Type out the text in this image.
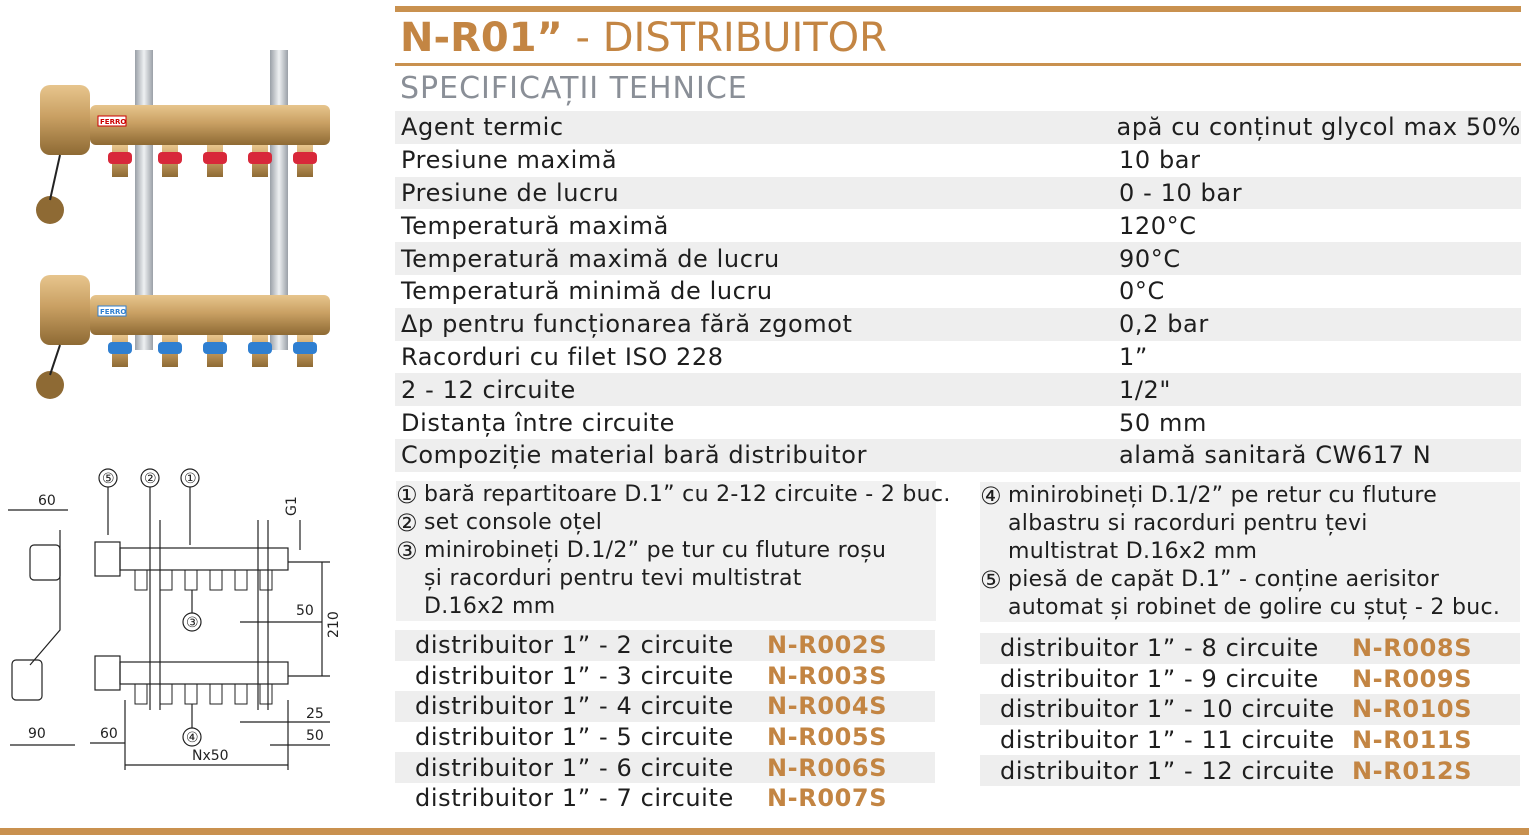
N-R01” - DISTRIBUITOR
SPECIFICAȚII TEHNICE
FERRO
FERRO
⑤ ② ①
60
90
③
④
G1
210
50
25
50
60
Nx50
Agent termic	apă cu conținut glycol max 50%
Presiune maximă	10 bar
Presiune de lucru	0 - 10 bar
Temperatură maximă	120°C
Temperatură maximă de lucru	90°C
Temperatură minimă de lucru	0°C
Δp pentru funcționarea fără zgomot	0,2 bar
Racorduri cu filet ISO 228	1”
2 - 12 circuite	1/2"
Distanța între circuite	50 mm
Compoziție material bară distribuitor	alamă sanitară CW617 N
① bară repartitoare D.1” cu 2-12 circuite - 2 buc.
② set console oțel
③ minirobineți D.1/2” pe tur cu fluture roșu
și racorduri pentru tevi multistrat
D.16x2 mm
④ minirobineți D.1/2” pe retur cu fluture
albastru si racorduri pentru țevi
multistrat D.16x2 mm
⑤ piesă de capăt D.1” - conține aerisitor
automat și robinet de golire cu ștuț - 2 buc.
distribuitor 1” - 2 circuite	N-R002S
distribuitor 1” - 3 circuite	N-R003S
distribuitor 1” - 4 circuite	N-R004S
distribuitor 1” - 5 circuite	N-R005S
distribuitor 1” - 6 circuite	N-R006S
distribuitor 1” - 7 circuite	N-R007S
distribuitor 1” - 8 circuite	N-R008S
distribuitor 1” - 9 circuite	N-R009S
distribuitor 1” - 10 circuite N-R010S
distribuitor 1” - 11 circuite N-R011S
distribuitor 1” - 12 circuite N-R012S
